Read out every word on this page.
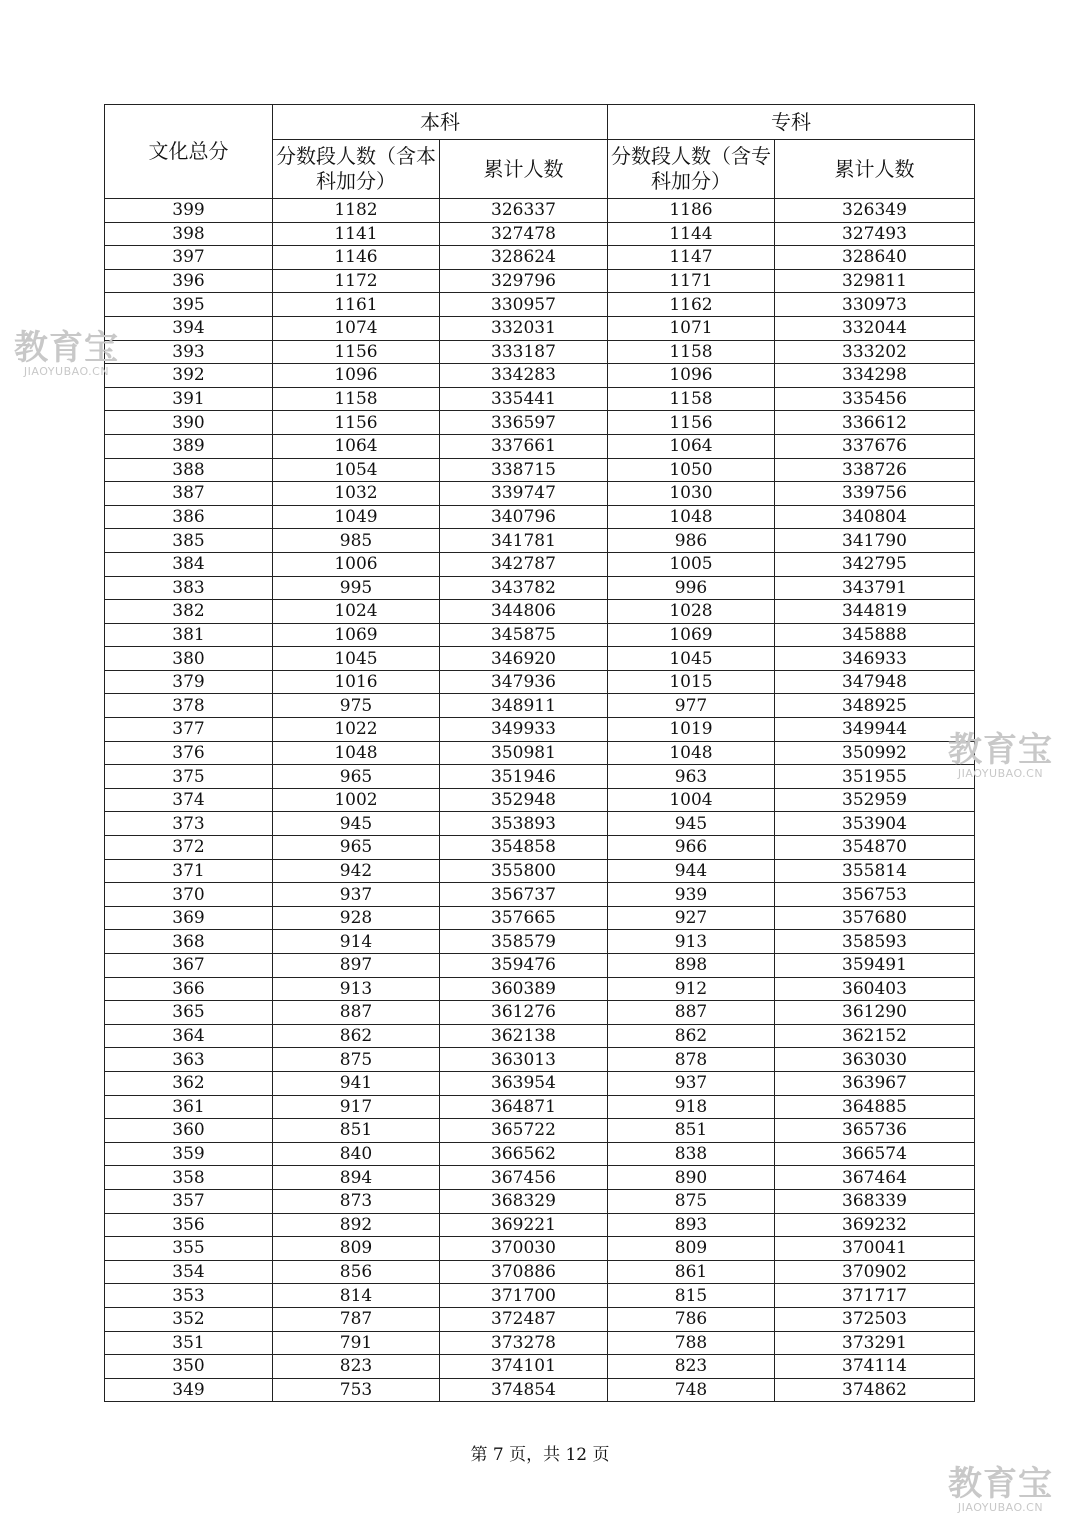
文化总分	本科		专科	
	分数段人数（含本科加分）	累计人数	分数段人数（含专科加分）	累计人数
399	1182	326337	1186	326349
398	1141	327478	1144	327493
397	1146	328624	1147	328640
396	1172	329796	1171	329811
395	1161	330957	1162	330973
394	1074	332031	1071	332044
393	1156	333187	1158	333202
392	1096	334283	1096	334298
391	1158	335441	1158	335456
390	1156	336597	1156	336612
389	1064	337661	1064	337676
388	1054	338715	1050	338726
387	1032	339747	1030	339756
386	1049	340796	1048	340804
385	985	341781	986	341790
384	1006	342787	1005	342795
383	995	343782	996	343791
382	1024	344806	1028	344819
381	1069	345875	1069	345888
380	1045	346920	1045	346933
379	1016	347936	1015	347948
378	975	348911	977	348925
377	1022	349933	1019	349944
376	1048	350981	1048	350992
375	965	351946	963	351955
374	1002	352948	1004	352959
373	945	353893	945	353904
372	965	354858	966	354870
371	942	355800	944	355814
370	937	356737	939	356753
369	928	357665	927	357680
368	914	358579	913	358593
367	897	359476	898	359491
366	913	360389	912	360403
365	887	361276	887	361290
364	862	362138	862	362152
363	875	363013	878	363030
362	941	363954	937	363967
361	917	364871	918	364885
360	851	365722	851	365736
359	840	366562	838	366574
358	894	367456	890	367464
357	873	368329	875	368339
356	892	369221	893	369232
355	809	370030	809	370041
354	856	370886	861	370902
353	814	371700	815	371717
352	787	372487	786	372503
351	791	373278	788	373291
350	823	374101	823	374114
349	753	374854	748	374862
第 7 页，共 12 页
教育宝
JIAOYUBAO.CN
教育宝
JIAOYUBAO.CN
教育宝
JIAOYUBAO.CN
